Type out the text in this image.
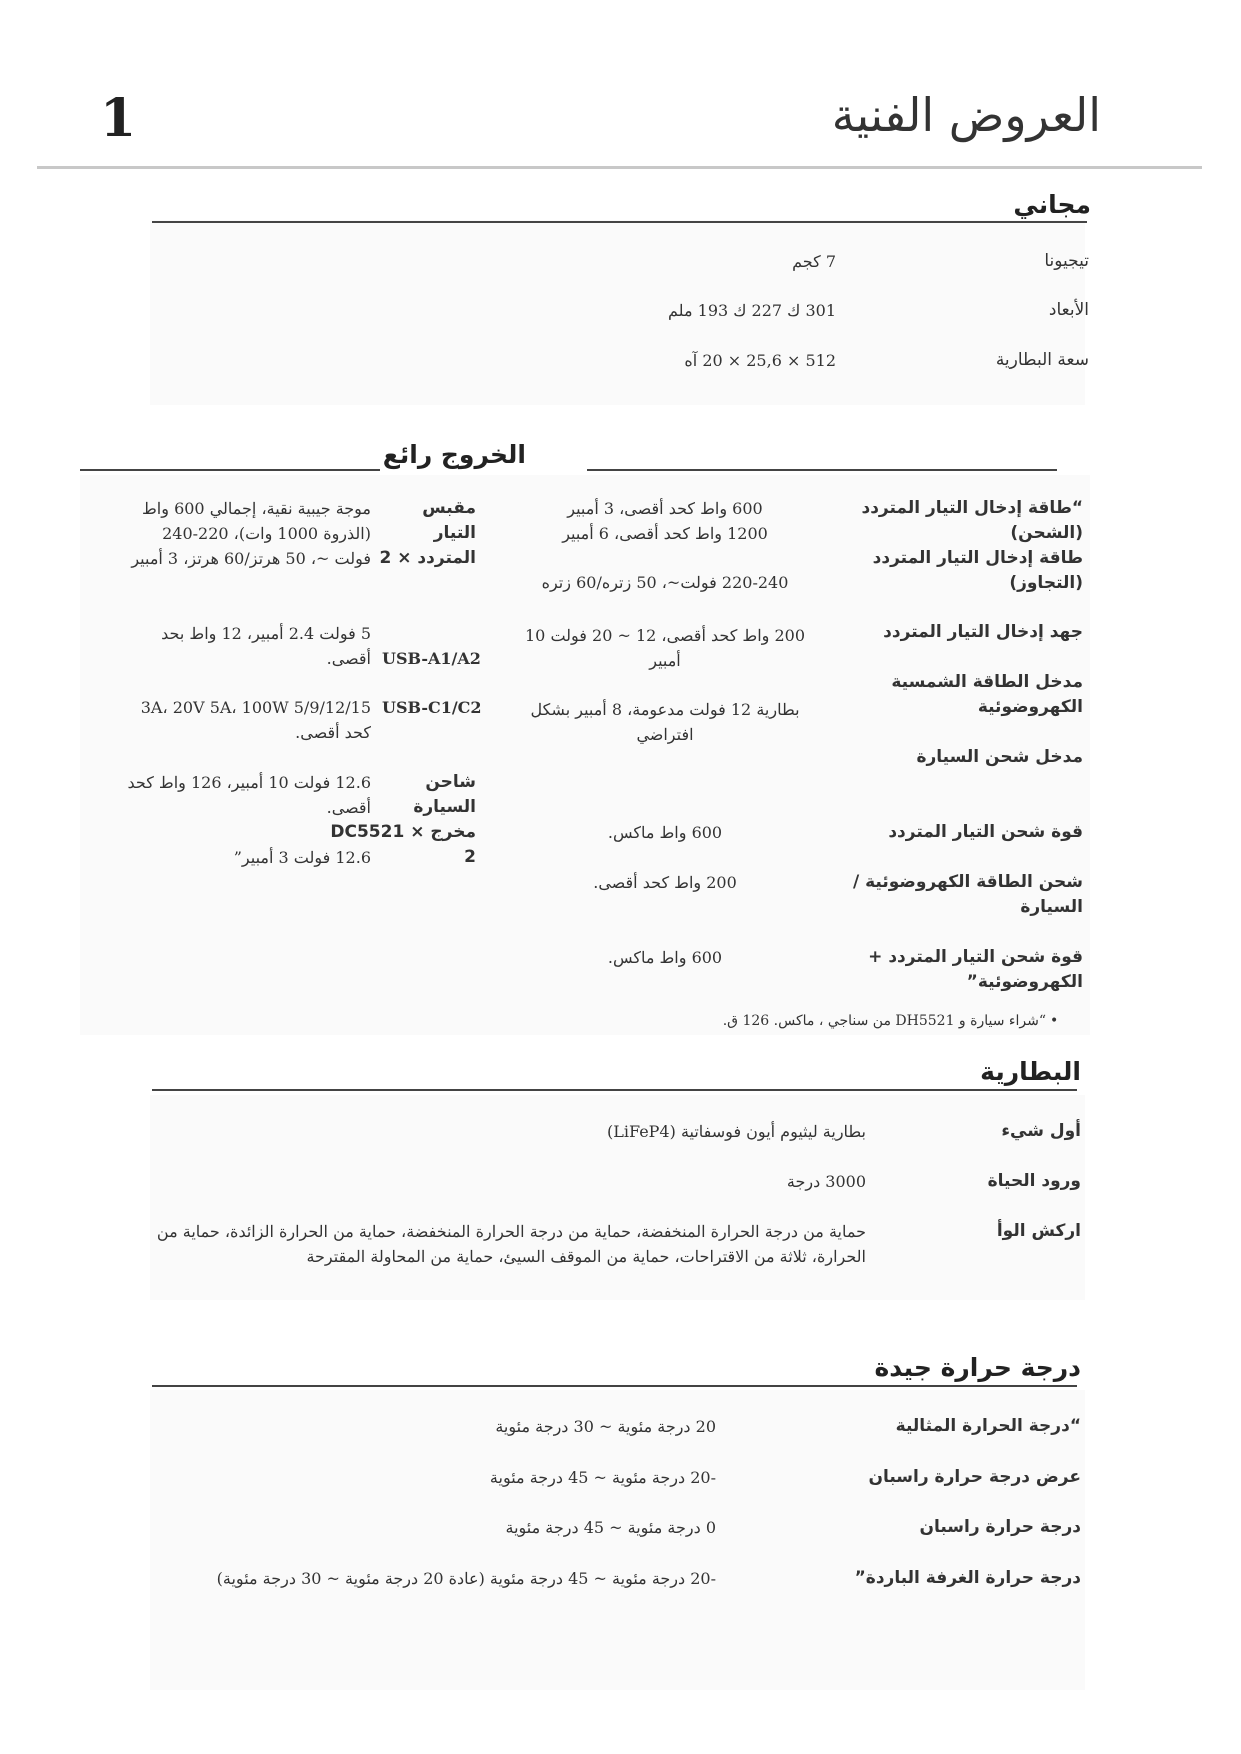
1	العروض الفنية
مجاني
تيجيونا
7 كجم
الأبعاد
301 ك 227 ك 193 ملم
سعة البطارية
512 × 25,6 × 20 آه
الخروج رائع
“طاقة إدخال التيار المتردد (الشحن)
طاقة إدخال التيار المتردد (التجاوز)
جهد إدخال التيار المتردد
مدخل الطاقة الشمسية الكهروضوئية
مدخل شحن السيارة
قوة شحن التيار المتردد
شحن الطاقة الكهروضوئية / السيارة
قوة شحن التيار المتردد + الكهروضوئية”
600 واط كحد أقصى، 3 أمبير
1200 واط كحد أقصى، 6 أمبير
220-240 فولت~، 50 زتره/60 زتره
200 واط كحد أقصى، 12 ~ 20 فولت 10 أمبير
بطارية 12 فولت مدعومة، 8 أمبير بشكل افتراضي
600 واط ماكس.
200 واط كحد أقصى.
600 واط ماكس.
مقبس التيار المتردد × 2
موجة جيبية نقية، إجمالي 600 واط (الذروة 1000 وات)، 220-240 فولت ~، 50 هرتز/60 هرتز، 3 أمبير
USB-A1/A2
5 فولت 2.4 أمبير، 12 واط بحد أقصى.
USB-C1/C2
5/9/12/15 3A، 20V 5A، 100W كحد أقصى.
شاحن السيارة
12.6 فولت 10 أمبير، 126 واط كحد أقصى.
مخرج DC5521 × 2
12.6 فولت 3 أمبير”
“شراء سيارة و DH5521 من سناجي ، ماكس. 126 ق. •
البطارية
أول شيء
بطارية ليثيوم أيون فوسفاتية (LiFeP4)
ورود الحياة
3000 درجة
اركش الوأ
حماية من درجة الحرارة المنخفضة، حماية من درجة الحرارة المنخفضة، حماية من الحرارة الزائدة، حماية من الحرارة، ثلاثة من الاقتراحات، حماية من الموقف السيئ، حماية من المحاولة المقترحة
درجة حرارة جيدة
“درجة الحرارة المثالية
20 درجة مئوية ~ 30 درجة مئوية
عرض درجة حرارة راسبان
-20 درجة مئوية ~ 45 درجة مئوية
درجة حرارة راسبان
0 درجة مئوية ~ 45 درجة مئوية
درجة حرارة الغرفة الباردة”
-20 درجة مئوية ~ 45 درجة مئوية (عادة 20 درجة مئوية ~ 30 درجة مئوية)
